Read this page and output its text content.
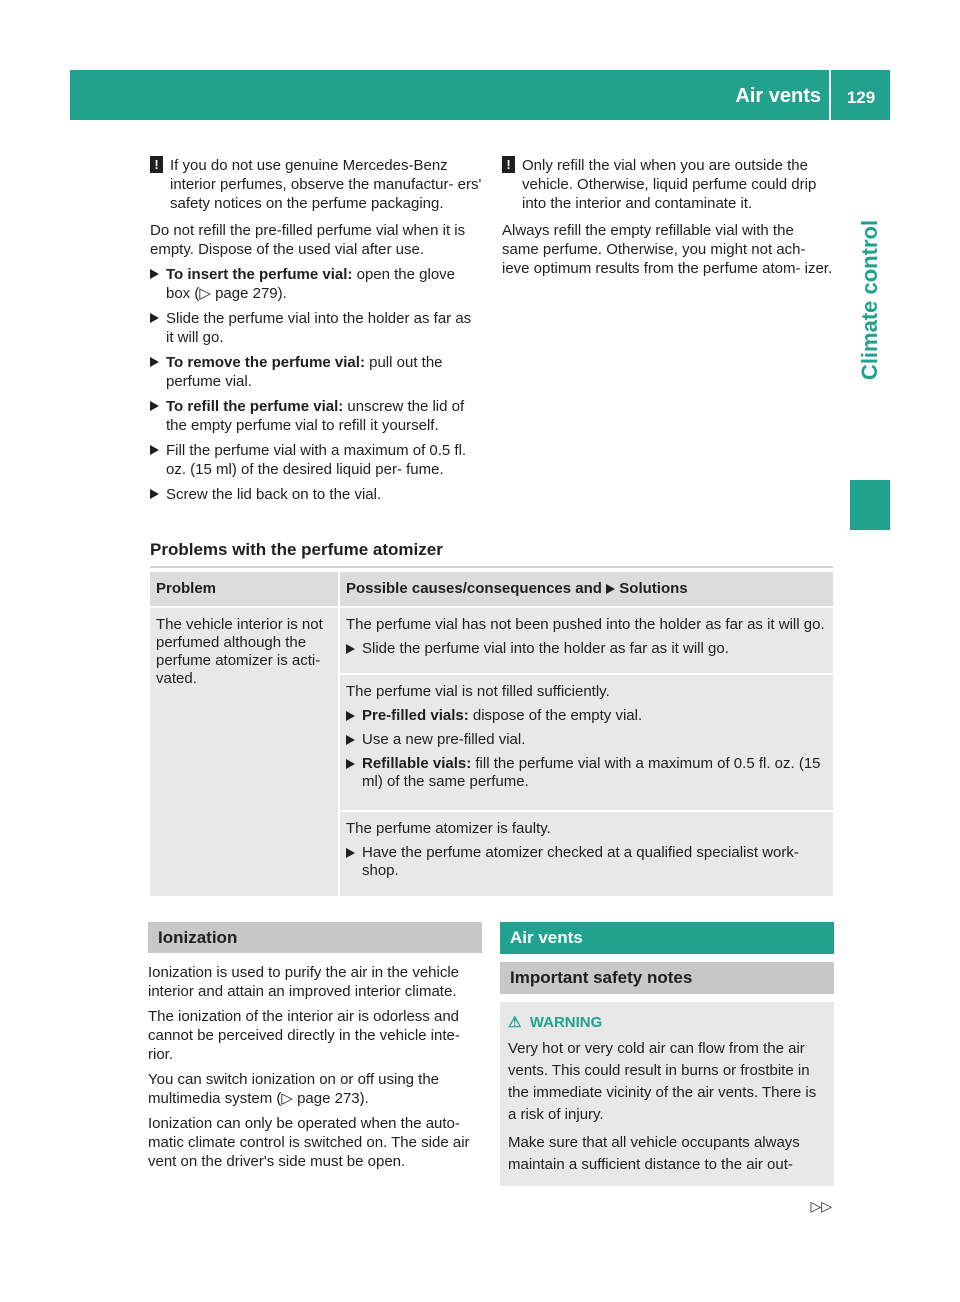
Air vents	129
Climate control

! If you do not use genuine Mercedes-Benz interior perfumes, observe the manufactur- ers' safety notices on the perfume packaging.

Do not refill the pre-filled perfume vial when it is empty. Dispose of the used vial after use.

To insert the perfume vial: open the glove box (▷ page 279).

Slide the perfume vial into the holder as far as it will go.

To remove the perfume vial: pull out the perfume vial.

To refill the perfume vial: unscrew the lid of the empty perfume vial to refill it yourself.

Fill the perfume vial with a maximum of 0.5 fl. oz. (15 ml) of the desired liquid per- fume.

Screw the lid back on to the vial.

! Only refill the vial when you are outside the vehicle. Otherwise, liquid perfume could drip into the interior and contaminate it.

Always refill the empty refillable vial with the same perfume. Otherwise, you might not ach- ieve optimum results from the perfume atom- izer.

Problems with the perfume atomizer
Problem	Possible causes/consequences and Solutions
The vehicle interior is not perfumed although the perfume atomizer is acti- vated.	The perfume vial has not been pushed into the holder as far as it will go.

Slide the perfume vial into the holder as far as it will go.

	The perfume vial is not filled sufficiently.

Pre-filled vials: dispose of the empty vial.

Use a new pre-filled vial.

Refillable vials: fill the perfume vial with a maximum of 0.5 fl. oz. (15 ml) of the same perfume.

	The perfume atomizer is faulty.

Have the perfume atomizer checked at a qualified specialist work- shop.

Ionization

Ionization is used to purify the air in the vehicle interior and attain an improved interior climate.

The ionization of the interior air is odorless and cannot be perceived directly in the vehicle inte- rior.

You can switch ionization on or off using the multimedia system (▷ page 273).

Ionization can only be operated when the auto- matic climate control is switched on. The side air vent on the driver's side must be open.

Air vents
Important safety notes
⚠ WARNING

Very hot or very cold air can flow from the air vents. This could result in burns or frostbite in the immediate vicinity of the air vents. There is a risk of injury.

Make sure that all vehicle occupants always maintain a sufficient distance to the air out-

▷▷
